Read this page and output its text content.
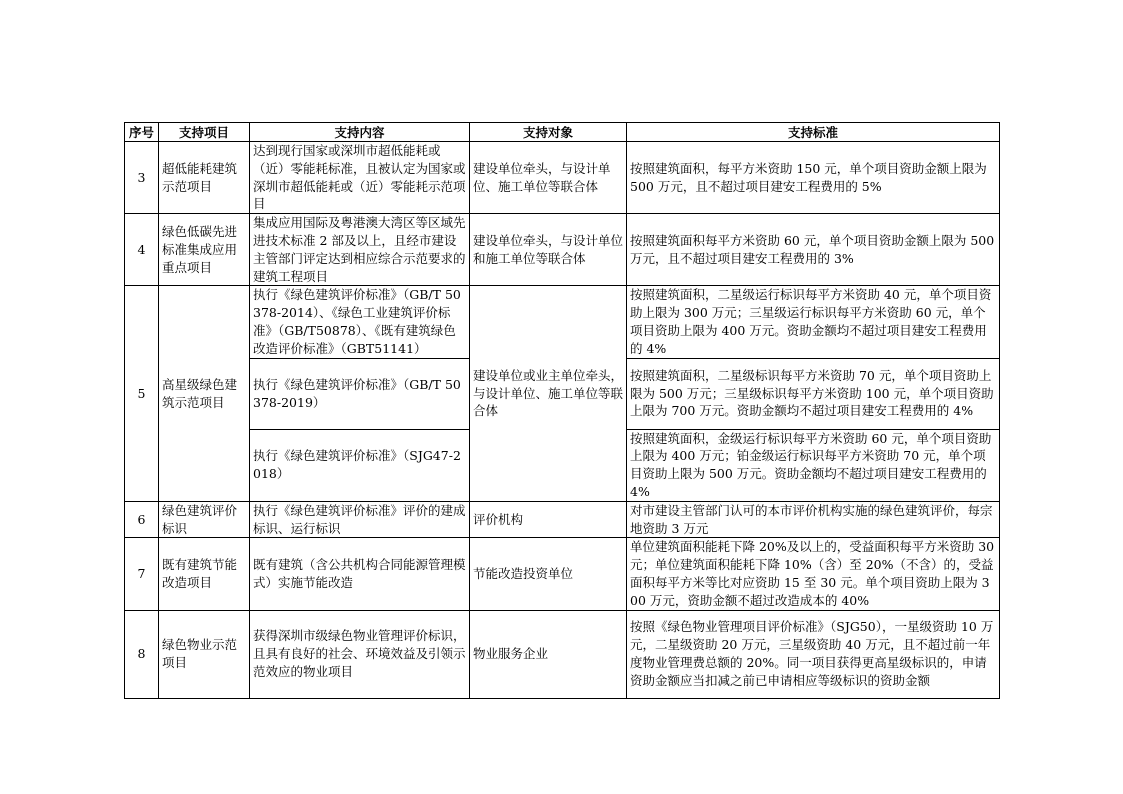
序号	支持项目	支持内容	支持对象	支持标准
3	超低能耗建筑示范项目	达到现行国家或深圳市超低能耗或（近）零能耗标准，且被认定为国家或深圳市超低能耗或（近）零能耗示范项目	建设单位牵头，与设计单位、施工单位等联合体	按照建筑面积，每平方米资助 150 元，单个项目资助金额上限为 500 万元，且不超过项目建安工程费用的 5%
4	绿色低碳先进标准集成应用重点项目	集成应用国际及粤港澳大湾区等区域先进技术标准 2 部及以上，且经市建设主管部门评定达到相应综合示范要求的建筑工程项目	建设单位牵头，与设计单位和施工单位等联合体	按照建筑面积每平方米资助 60 元，单个项目资助金额上限为 500 万元，且不超过项目建安工程费用的 3%
5	高星级绿色建筑示范项目	执行《绿色建筑评价标准》（GB/T 50378-2014）、《绿色工业建筑评价标准》（GB/T50878）、《既有建筑绿色改造评价标准》（GBT51141）	建设单位或业主单位牵头，与设计单位、施工单位等联合体	按照建筑面积，二星级运行标识每平方米资助 40 元，单个项目资助上限为 300 万元；三星级运行标识每平方米资助 60 元，单个项目资助上限为 400 万元。资助金额均不超过项目建安工程费用的 4%
		执行《绿色建筑评价标准》（GB/T 50378-2019）		按照建筑面积，二星级标识每平方米资助 70 元，单个项目资助上限为 500 万元；三星级标识每平方米资助 100 元，单个项目资助上限为 700 万元。资助金额均不超过项目建安工程费用的 4%
		执行《绿色建筑评价标准》（SJG47-2018）		按照建筑面积，金级运行标识每平方米资助 60 元，单个项目资助上限为 400 万元；铂金级运行标识每平方米资助 70 元，单个项目资助上限为 500 万元。资助金额均不超过项目建安工程费用的 4%
6	绿色建筑评价标识	执行《绿色建筑评价标准》评价的建成标识、运行标识	评价机构	对市建设主管部门认可的本市评价机构实施的绿色建筑评价，每宗地资助 3 万元
7	既有建筑节能改造项目	既有建筑（含公共机构合同能源管理模式）实施节能改造	节能改造投资单位	单位建筑面积能耗下降 20%及以上的，受益面积每平方米资助 30 元；单位建筑面积能耗下降 10%（含）至 20%（不含）的，受益面积每平方米等比对应资助 15 至 30 元。单个项目资助上限为 300 万元，资助金额不超过改造成本的 40%
8	绿色物业示范项目	获得深圳市级绿色物业管理评价标识，且具有良好的社会、环境效益及引领示范效应的物业项目	物业服务企业	按照《绿色物业管理项目评价标准》（SJG50），一星级资助 10 万元，二星级资助 20 万元，三星级资助 40 万元，且不超过前一年度物业管理费总额的 20%。同一项目获得更高星级标识的，申请资助金额应当扣减之前已申请相应等级标识的资助金额
